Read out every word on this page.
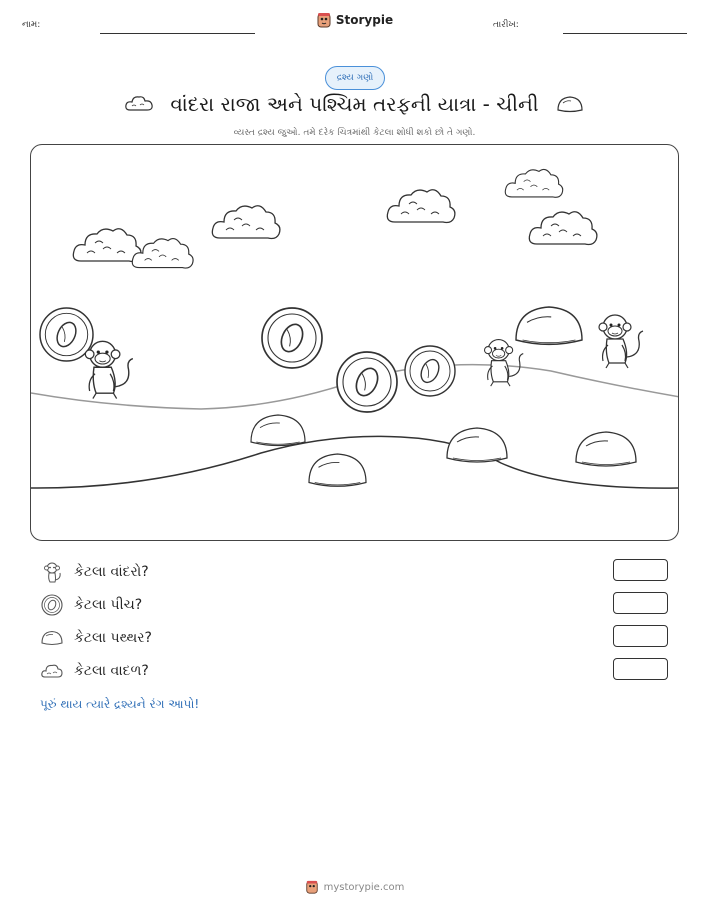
નામ:	Storypie	તારીખ:
દ્રશ્ય ગણો
વાંદરા રાજા અને પશ્ચિમ તરફની યાત્રા - ચીની
વ્યસ્ત દ્રશ્ય જુઓ. તમે દરેક ચિત્રમાંથી કેટલા શોધી શકો છો તે ગણો.
કેટલા વાંદરો?
કેટલા પીચ?
કેટલા પથ્થર?
કેટલા વાદળ?
પૂરું થાય ત્યારે દ્રશ્યને રંગ આપો!
mystorypie.com
